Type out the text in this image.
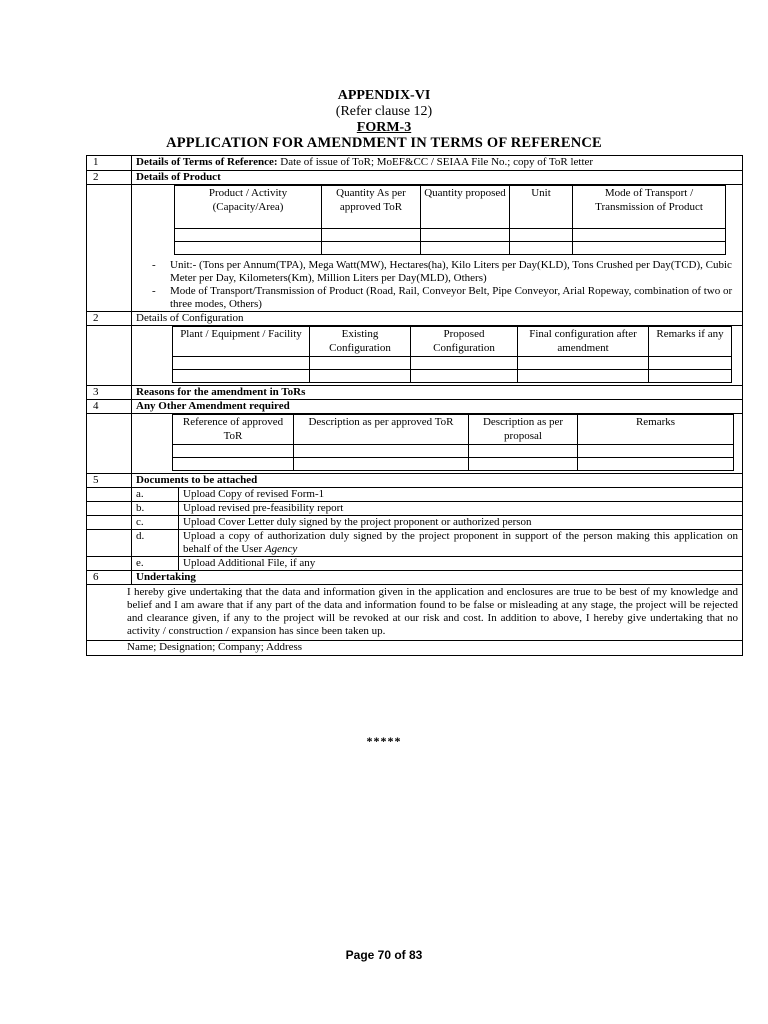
APPENDIX-VI
(Refer clause 12)
FORM-3
APPLICATION FOR AMENDMENT IN TERMS OF REFERENCE
1	Details of Terms of Reference: Date of issue of ToR; MoEF&CC / SEIAA File No.; copy of ToR letter
2	Details of Product

Product / Activity (Capacity/Area)	Quantity As per approved ToR	Quantity proposed	Unit	Mode of Transport / Transmission of Product

- Unit:- (Tons per Annum(TPA), Mega Watt(MW), Hectares(ha), Kilo Liters per Day(KLD), Tons Crushed per Day(TCD), Cubic Meter per Day, Kilometers(Km), Million Liters per Day(MLD), Others)
- Mode of Transport/Transmission of Product (Road, Rail, Conveyor Belt, Pipe Conveyor, Arial Ropeway, combination of two or three modes, Others)

2	Details of Configuration

Plant / Equipment / Facility	Existing Configuration	Proposed Configuration	Final configuration after amendment	Remarks if any

3	Reasons for the amendment in ToRs
4	Any Other Amendment required

Reference of approved ToR	Description as per approved ToR	Description as per proposal	Remarks

5	Documents to be attached
	a.	Upload Copy of revised Form-1
	b.	Upload revised pre-feasibility report
	c.	Upload Cover Letter duly signed by the project proponent or authorized person
	d.	Upload a copy of authorization duly signed by the project proponent in support of the person making this application on behalf of the User Agency
	e.	Upload Additional File, if any
6	Undertaking
I hereby give undertaking that the data and information given in the application and enclosures are true to be best of my knowledge and belief and I am aware that if any part of the data and information found to be false or misleading at any stage, the project will be rejected and clearance given, if any to the project will be revoked at our risk and cost. In addition to above, I hereby give undertaking that no activity / construction / expansion has since been taken up.
Name; Designation; Company; Address
*****
Page 70 of 83
